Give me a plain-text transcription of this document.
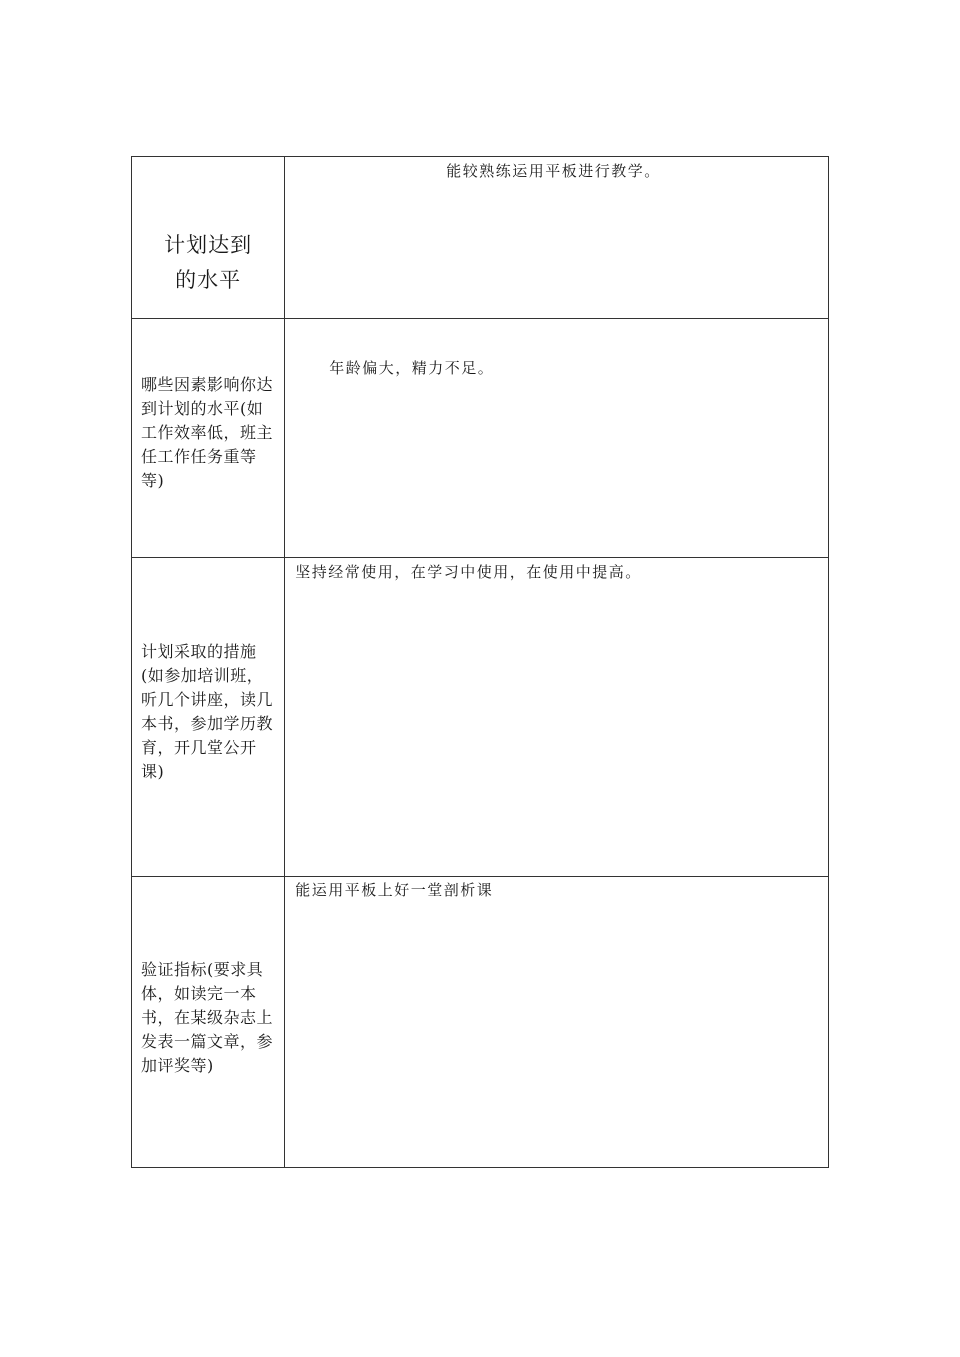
计划达到
的水平	能较熟练运用平板进行教学。

哪些因素影响你达到计划的水平(如工作效率低，班主任工作任务重等等)	年龄偏大，精力不足。

计划采取的措施(如参加培训班，听几个讲座，读几本书，参加学历教育，开几堂公开课)	坚持经常使用，在学习中使用，在使用中提高。

验证指标(要求具体，如读完一本书，在某级杂志上发表一篇文章，参加评奖等)	能运用平板上好一堂剖析课
